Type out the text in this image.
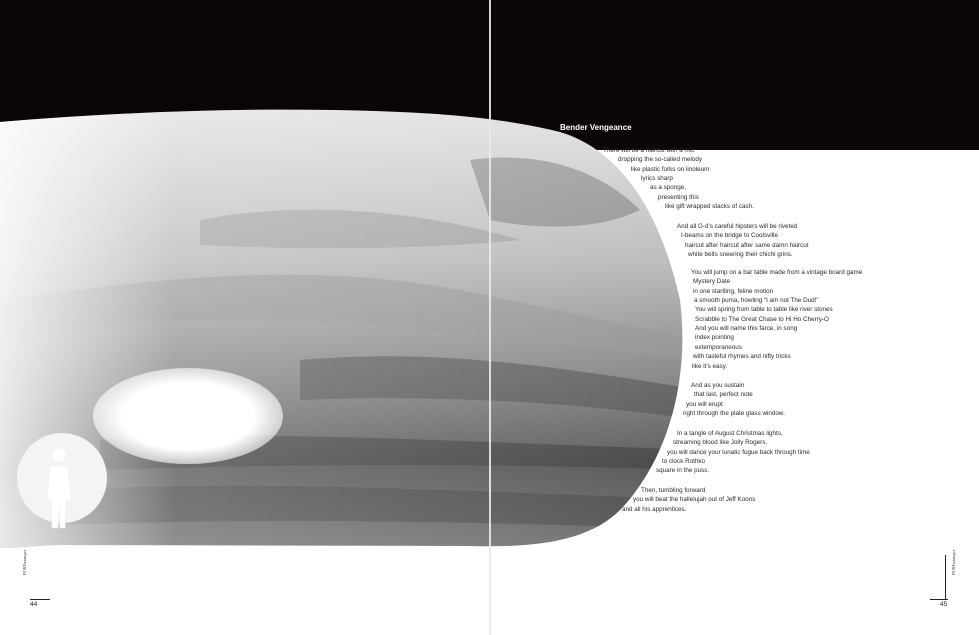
Bender Vengeance
There will be a haircut with a mic
dropping the so-called melody
like plastic forks on linoleum
lyrics sharp
as a sponge,
presenting this
like gift wrapped stacks of cash.
And all G-d’s careful hipsters will be riveted
I-beams on the bridge to Coolsville
haircut after haircut after same damn haircut
white belts sneering their chichi grins.
You will jump on a bar table made from a vintage board game
Mystery Date
in one startling, feline motion
a smooth puma, howling “I am not The Dud!”
You will spring from table to table like river stones
Scrabble to The Great Chase to Hi Ho Cherry-O
And you will name this farce, in song
index pointing
extemporaneous
with tasteful rhymes and nifty tricks
like it’s easy.
And as you sustain
that last, perfect note
you will erupt
right through the plate glass window.
In a tangle of August Christmas lights,
streaming blood like Jolly Rogers,
you will dance your lunatic fugue back through time
to clock Rothko
square in the puss.
Then, tumbling forward
you will beat the hallelujah out of Jeff Koons
and all his apprentices.
POSTstranger	POSTstranger
44	45
